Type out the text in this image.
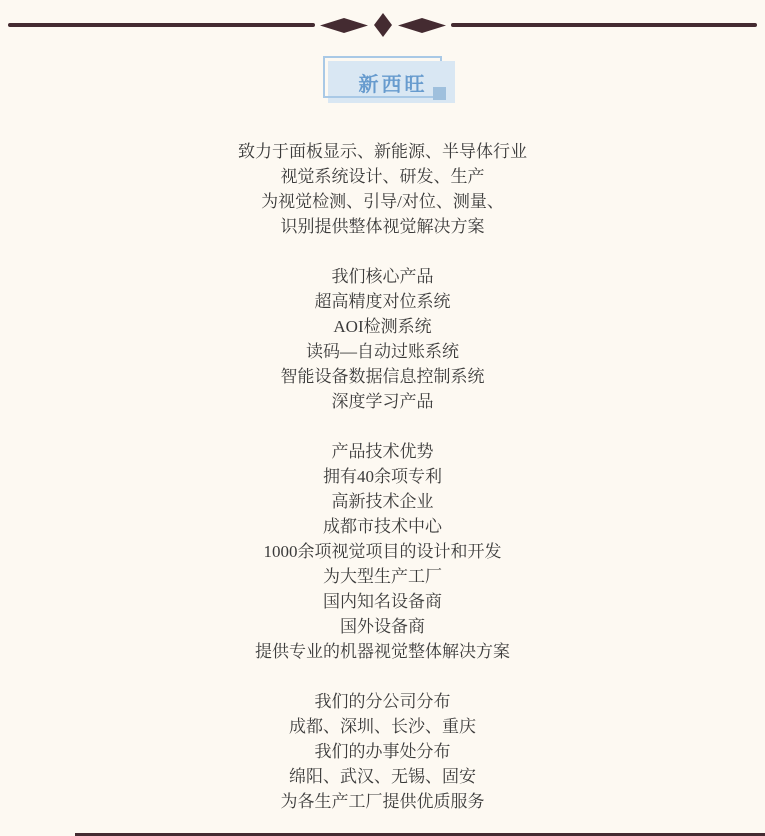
新西旺
致力于面板显示、新能源、半导体行业
视觉系统设计、研发、生产
为视觉检测、引导/对位、测量、
识别提供整体视觉解决方案
我们核心产品
超高精度对位系统
AOI检测系统
读码—自动过账系统
智能设备数据信息控制系统
深度学习产品
产品技术优势
拥有40余项专利
高新技术企业
成都市技术中心
1000余项视觉项目的设计和开发
为大型生产工厂
国内知名设备商
国外设备商
提供专业的机器视觉整体解决方案
我们的分公司分布
成都、深圳、长沙、重庆
我们的办事处分布
绵阳、武汉、无锡、固安
为各生产工厂提供优质服务
